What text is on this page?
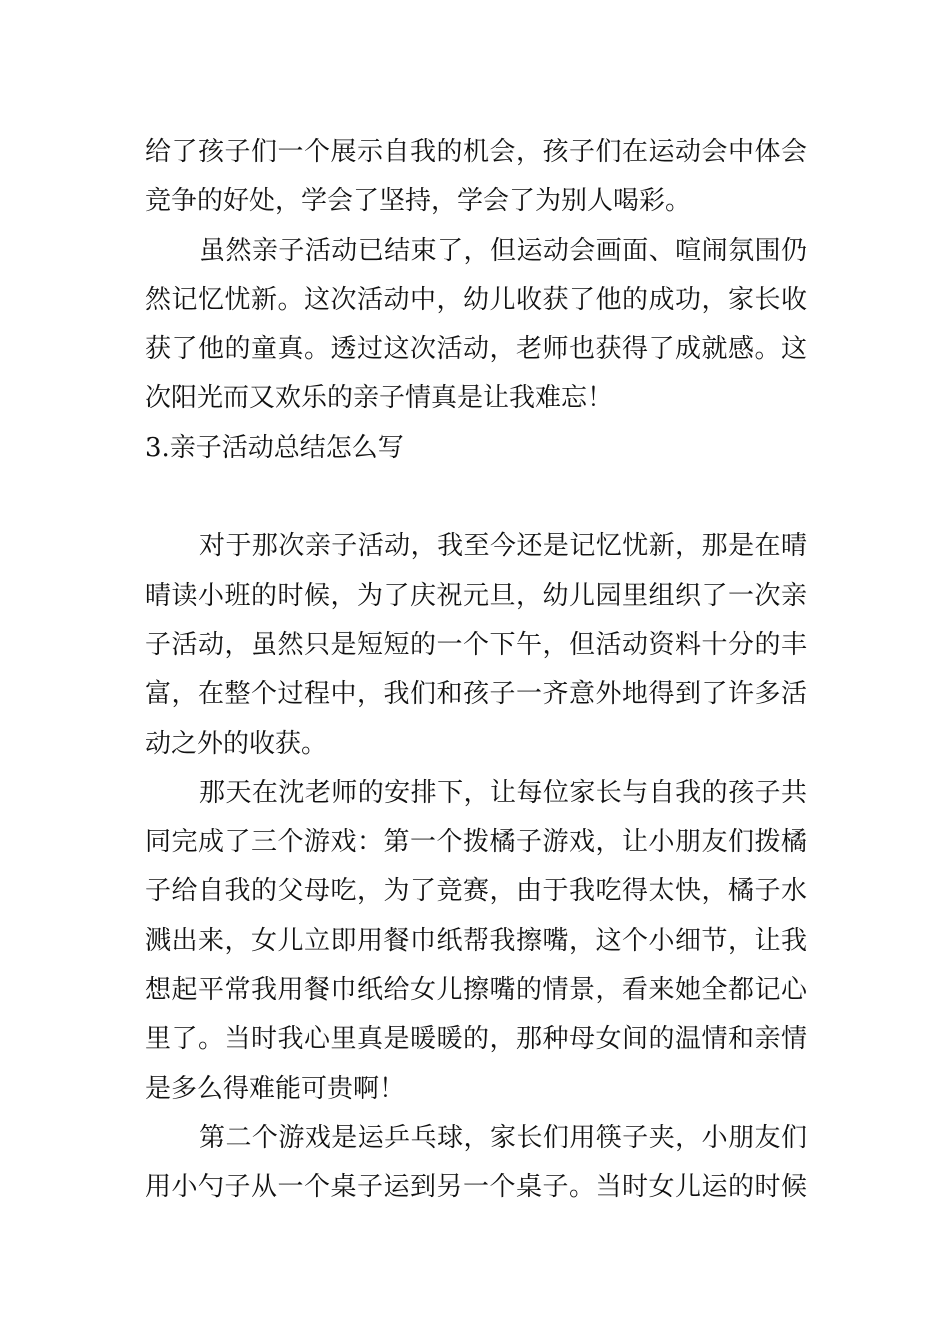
给了孩子们一个展示自我的机会，孩子们在运动会中体会
竞争的好处，学会了坚持，学会了为别人喝彩。
虽然亲子活动已结束了，但运动会画面、喧闹氛围仍
然记忆忧新。这次活动中，幼儿收获了他的成功，家长收
获了他的童真。透过这次活动，老师也获得了成就感。这
次阳光而又欢乐的亲子情真是让我难忘！
3.亲子活动总结怎么写
对于那次亲子活动，我至今还是记忆忧新，那是在晴
晴读小班的时候，为了庆祝元旦，幼儿园里组织了一次亲
子活动，虽然只是短短的一个下午，但活动资料十分的丰
富，在整个过程中，我们和孩子一齐意外地得到了许多活
动之外的收获。
那天在沈老师的安排下，让每位家长与自我的孩子共
同完成了三个游戏：第一个拨橘子游戏，让小朋友们拨橘
子给自我的父母吃，为了竞赛，由于我吃得太快，橘子水
溅出来，女儿立即用餐巾纸帮我擦嘴，这个小细节，让我
想起平常我用餐巾纸给女儿擦嘴的情景，看来她全都记心
里了。当时我心里真是暖暖的，那种母女间的温情和亲情
是多么得难能可贵啊！
第二个游戏是运乒乓球，家长们用筷子夹，小朋友们
用小勺子从一个桌子运到另一个桌子。当时女儿运的时候
